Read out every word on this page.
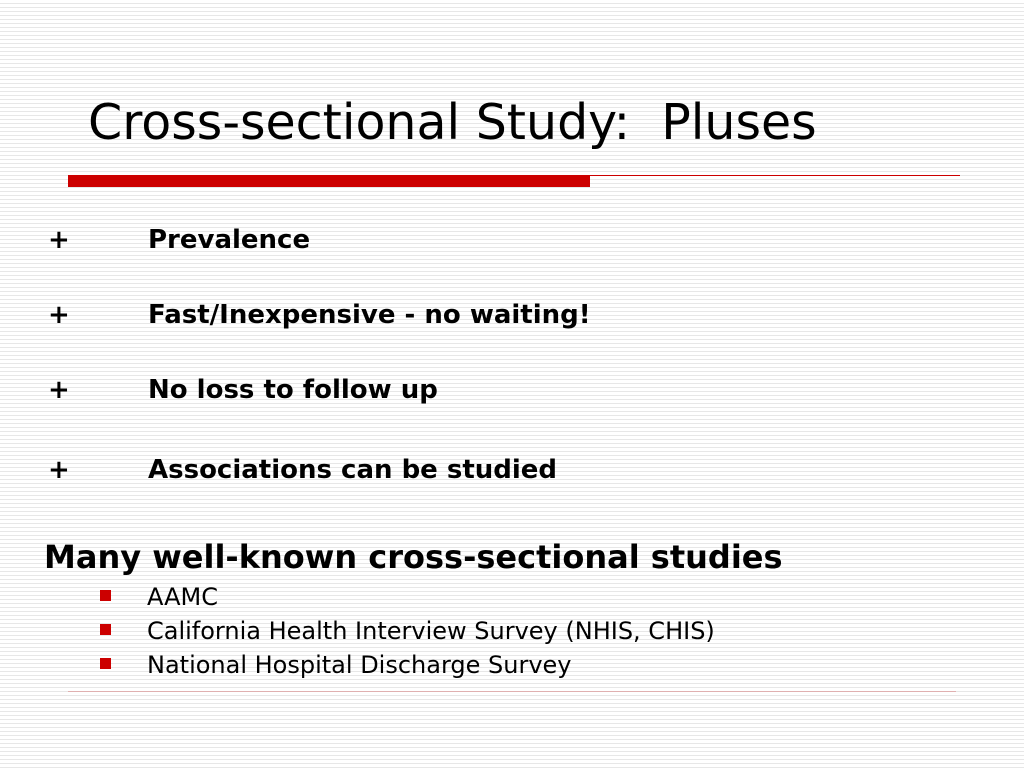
Cross-sectional Study:  Pluses
+	Prevalence
+	Fast/Inexpensive - no waiting!
+	No loss to follow up
+	Associations can be studied
Many well-known cross-sectional studies
AAMC
California Health Interview Survey (NHIS, CHIS)
National Hospital Discharge Survey
